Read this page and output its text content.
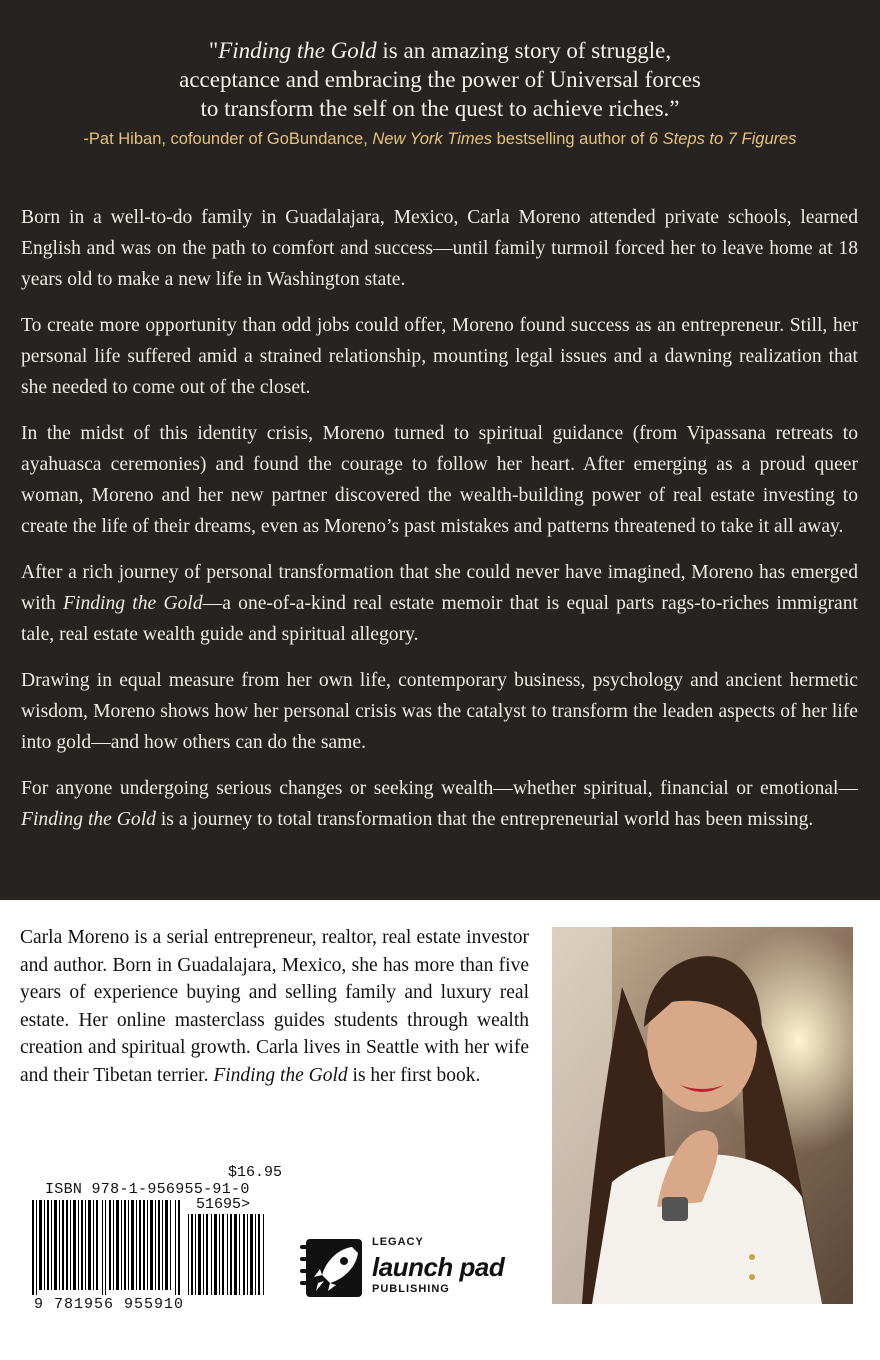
"Finding the Gold is an amazing story of struggle,
acceptance and embracing the power of Universal forces
to transform the self on the quest to achieve riches.”
-Pat Hiban, cofounder of GoBundance, New York Times bestselling author of 6 Steps to 7 Figures

Born in a well-to-do family in Guadalajara, Mexico, Carla Moreno attended private schools, learned English and was on the path to comfort and success—until family turmoil forced her to leave home at 18 years old to make a new life in Washington state.

To create more opportunity than odd jobs could offer, Moreno found success as an entrepreneur. Still, her personal life suffered amid a strained relationship, mounting legal issues and a dawning realization that she needed to come out of the closet.

In the midst of this identity crisis, Moreno turned to spiritual guidance (from Vipassana retreats to ayahuasca ceremonies) and found the courage to follow her heart. After emerging as a proud queer woman, Moreno and her new partner discovered the wealth-building power of real estate investing to create the life of their dreams, even as Moreno’s past mistakes and patterns threatened to take it all away.

After a rich journey of personal transformation that she could never have imagined, Moreno has emerged with Finding the Gold—a one-of-a-kind real estate memoir that is equal parts rags-to-riches immigrant tale, real estate wealth guide and spiritual allegory.

Drawing in equal measure from her own life, contemporary business, psychology and ancient hermetic wisdom, Moreno shows how her personal crisis was the catalyst to transform the leaden aspects of her life into gold—and how others can do the same.

For anyone undergoing serious changes or seeking wealth—whether spiritual, financial or emotional—Finding the Gold is a journey to total transformation that the entrepreneurial world has been missing.

Carla Moreno is a serial entrepreneur, realtor, real estate investor and author. Born in Guadalajara, Mexico, she has more than five years of experience buying and selling family and luxury real estate. Her online masterclass guides students through wealth creation and spiritual growth. Carla lives in Seattle with her wife and their Tibetan terrier. Finding the Gold is her first book.
$16.95
ISBN 978-1-956955-91-0
51695>
9 781956 955910
LEGACY
launch pad
PUBLISHING
